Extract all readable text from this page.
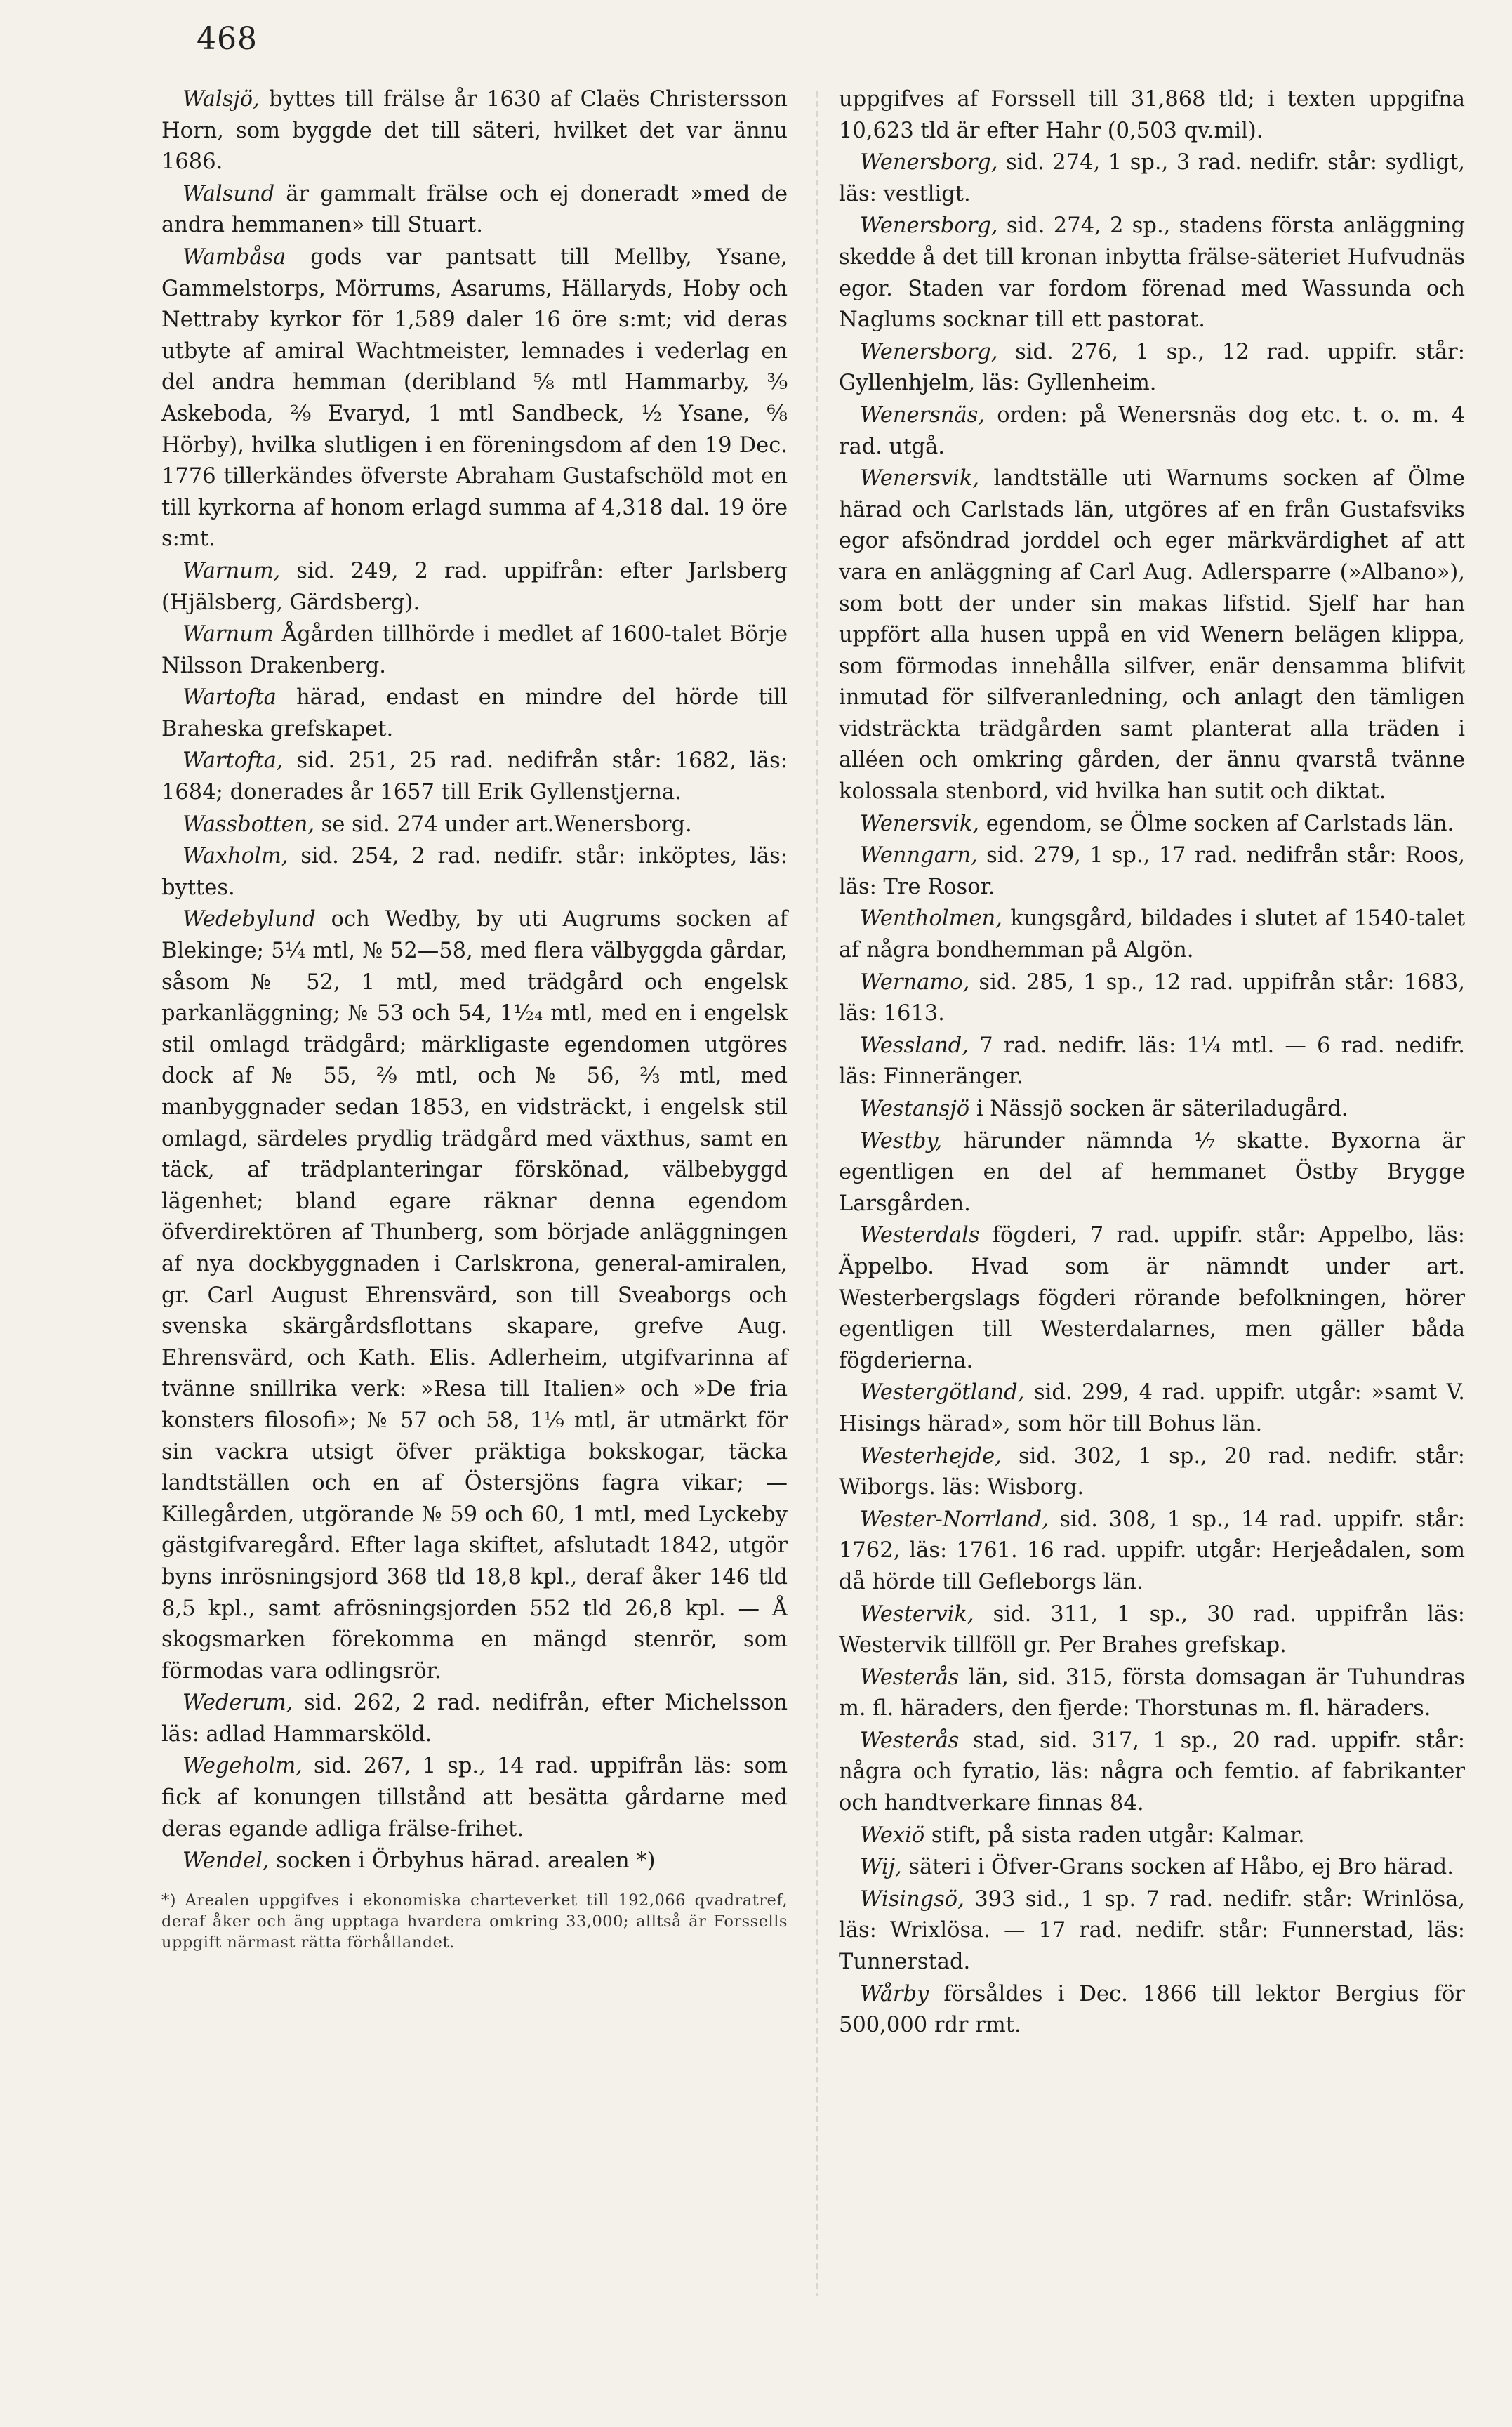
468

Walsjö, byttes till frälse år 1630 af Claës Christersson Horn, som byggde det till säteri, hvilket det var ännu 1686.

Walsund är gammalt frälse och ej doneradt »med de andra hemmanen» till Stuart.

Wambåsa gods var pantsatt till Mellby, Ysane, Gammelstorps, Mörrums, Asarums, Hällaryds, Hoby och Nettraby kyrkor för 1,589 daler 16 öre s:mt; vid deras utbyte af amiral Wachtmeister, lemnades i vederlag en del andra hemman (deribland ⁵⁄₈ mtl Hammarby, ³⁄₉ Askeboda, ²⁄₉ Evaryd, 1 mtl Sandbeck, ¹⁄₂ Ysane, ⁶⁄₈ Hörby), hvilka slutligen i en föreningsdom af den 19 Dec. 1776 tillerkändes öfverste Abraham Gustafschöld mot en till kyrkorna af honom erlagd summa af 4,318 dal. 19 öre s:mt.

Warnum, sid. 249, 2 rad. uppifrån: efter Jarlsberg (Hjälsberg, Gärdsberg).

Warnum Ågården tillhörde i medlet af 1600-talet Börje Nilsson Drakenberg.

Wartofta härad, endast en mindre del hörde till Braheska grefskapet.

Wartofta, sid. 251, 25 rad. nedifrån står: 1682, läs: 1684; donerades år 1657 till Erik Gyllenstjerna.

Wassbotten, se sid. 274 under art.Wenersborg.

Waxholm, sid. 254, 2 rad. nedifr. står: inköptes, läs: byttes.

Wedebylund och Wedby, by uti Augrums socken af Blekinge; 5¹⁄₄ mtl, № 52—58, med flera välbyggda gårdar, såsom № 52, 1 mtl, med trädgård och engelsk parkanläggning; № 53 och 54, 1¹⁄₂₄ mtl, med en i engelsk stil omlagd trädgård; märkligaste egendomen utgöres dock af № 55, ²⁄₉ mtl, och № 56, ²⁄₃ mtl, med manbyggnader sedan 1853, en vidsträckt, i engelsk stil omlagd, särdeles prydlig trädgård med växthus, samt en täck, af trädplanteringar förskönad, välbebyggd lägenhet; bland egare räknar denna egendom öfverdirektören af Thunberg, som började anläggningen af nya dockbyggnaden i Carlskrona, general-amiralen, gr. Carl August Ehrensvärd, son till Sveaborgs och svenska skärgårdsflottans skapare, grefve Aug. Ehrensvärd, och Kath. Elis. Adlerheim, utgifvarinna af tvänne snillrika verk: »Resa till Italien» och »De fria konsters filosofi»; № 57 och 58, 1¹⁄₉ mtl, är utmärkt för sin vackra utsigt öfver präktiga bokskogar, täcka landtställen och en af Östersjöns fagra vikar; — Killegården, utgörande № 59 och 60, 1 mtl, med Lyckeby gästgifvaregård. Efter laga skiftet, afslutadt 1842, utgör byns inrösningsjord 368 tld 18,8 kpl., deraf åker 146 tld 8,5 kpl., samt afrösningsjorden 552 tld 26,8 kpl. — Å skogsmarken förekomma en mängd stenrör, som förmodas vara odlingsrör.

Wederum, sid. 262, 2 rad. nedifrån, efter Michelsson läs: adlad Hammarsköld.

Wegeholm, sid. 267, 1 sp., 14 rad. uppifrån läs: som fick af konungen tillstånd att besätta gårdarne med deras egande adliga frälse-frihet.

Wendel, socken i Örbyhus härad. arealen *)

*) Arealen uppgifves i ekonomiska charteverket till 192,066 qvadratref, deraf åker och äng upptaga hvardera omkring 33,000; alltså är Forssells uppgift närmast rätta förhållandet.

uppgifves af Forssell till 31,868 tld; i texten uppgifna 10,623 tld är efter Hahr (0,503 qv.mil).

Wenersborg, sid. 274, 1 sp., 3 rad. nedifr. står: sydligt, läs: vestligt.

Wenersborg, sid. 274, 2 sp., stadens första anläggning skedde å det till kronan inbytta frälse-säteriet Hufvudnäs egor. Staden var fordom förenad med Wassunda och Naglums socknar till ett pastorat.

Wenersborg, sid. 276, 1 sp., 12 rad. uppifr. står: Gyllenhjelm, läs: Gyllenheim.

Wenersnäs, orden: på Wenersnäs dog etc. t. o. m. 4 rad. utgå.

Wenersvik, landtställe uti Warnums socken af Ölme härad och Carlstads län, utgöres af en från Gustafsviks egor afsöndrad jorddel och eger märkvärdighet af att vara en anläggning af Carl Aug. Adlersparre (»Albano»), som bott der under sin makas lifstid. Sjelf har han uppfört alla husen uppå en vid Wenern belägen klippa, som förmodas innehålla silfver, enär densamma blifvit inmutad för silfveranledning, och anlagt den tämligen vidsträckta trädgården samt planterat alla träden i alléen och omkring gården, der ännu qvarstå tvänne kolossala stenbord, vid hvilka han sutit och diktat.

Wenersvik, egendom, se Ölme socken af Carlstads län.

Wenngarn, sid. 279, 1 sp., 17 rad. nedifrån står: Roos, läs: Tre Rosor.

Wentholmen, kungsgård, bildades i slutet af 1540-talet af några bondhemman på Algön.

Wernamo, sid. 285, 1 sp., 12 rad. uppifrån står: 1683, läs: 1613.

Wessland, 7 rad. nedifr. läs: 1¹⁄₄ mtl. — 6 rad. nedifr. läs: Finneränger.

Westansjö i Nässjö socken är säteriladugård.

Westby, härunder nämnda ¹⁄₇ skatte. Byxorna är egentligen en del af hemmanet Östby Brygge Larsgården.

Westerdals fögderi, 7 rad. uppifr. står: Appelbo, läs: Äppelbo. Hvad som är nämndt under art. Westerbergslags fögderi rörande befolkningen, hörer egentligen till Westerdalarnes, men gäller båda fögderierna.

Westergötland, sid. 299, 4 rad. uppifr. utgår: »samt V. Hisings härad», som hör till Bohus län.

Westerhejde, sid. 302, 1 sp., 20 rad. nedifr. står: Wiborgs. läs: Wisborg.

Wester-Norrland, sid. 308, 1 sp., 14 rad. uppifr. står: 1762, läs: 1761. 16 rad. uppifr. utgår: Herjeådalen, som då hörde till Gefleborgs län.

Westervik, sid. 311, 1 sp., 30 rad. uppifrån läs: Westervik tillföll gr. Per Brahes grefskap.

Westerås län, sid. 315, första domsagan är Tuhundras m. fl. häraders, den fjerde: Thorstunas m. fl. häraders.

Westerås stad, sid. 317, 1 sp., 20 rad. uppifr. står: några och fyratio, läs: några och femtio. af fabrikanter och handtverkare finnas 84.

Wexiö stift, på sista raden utgår: Kalmar.

Wij, säteri i Öfver-Grans socken af Håbo, ej Bro härad.

Wisingsö, 393 sid., 1 sp. 7 rad. nedifr. står: Wrinlösa, läs: Wrixlösa. — 17 rad. nedifr. står: Funnerstad, läs: Tunnerstad.

Wårby försåldes i Dec. 1866 till lektor Bergius för 500,000 rdr rmt.
